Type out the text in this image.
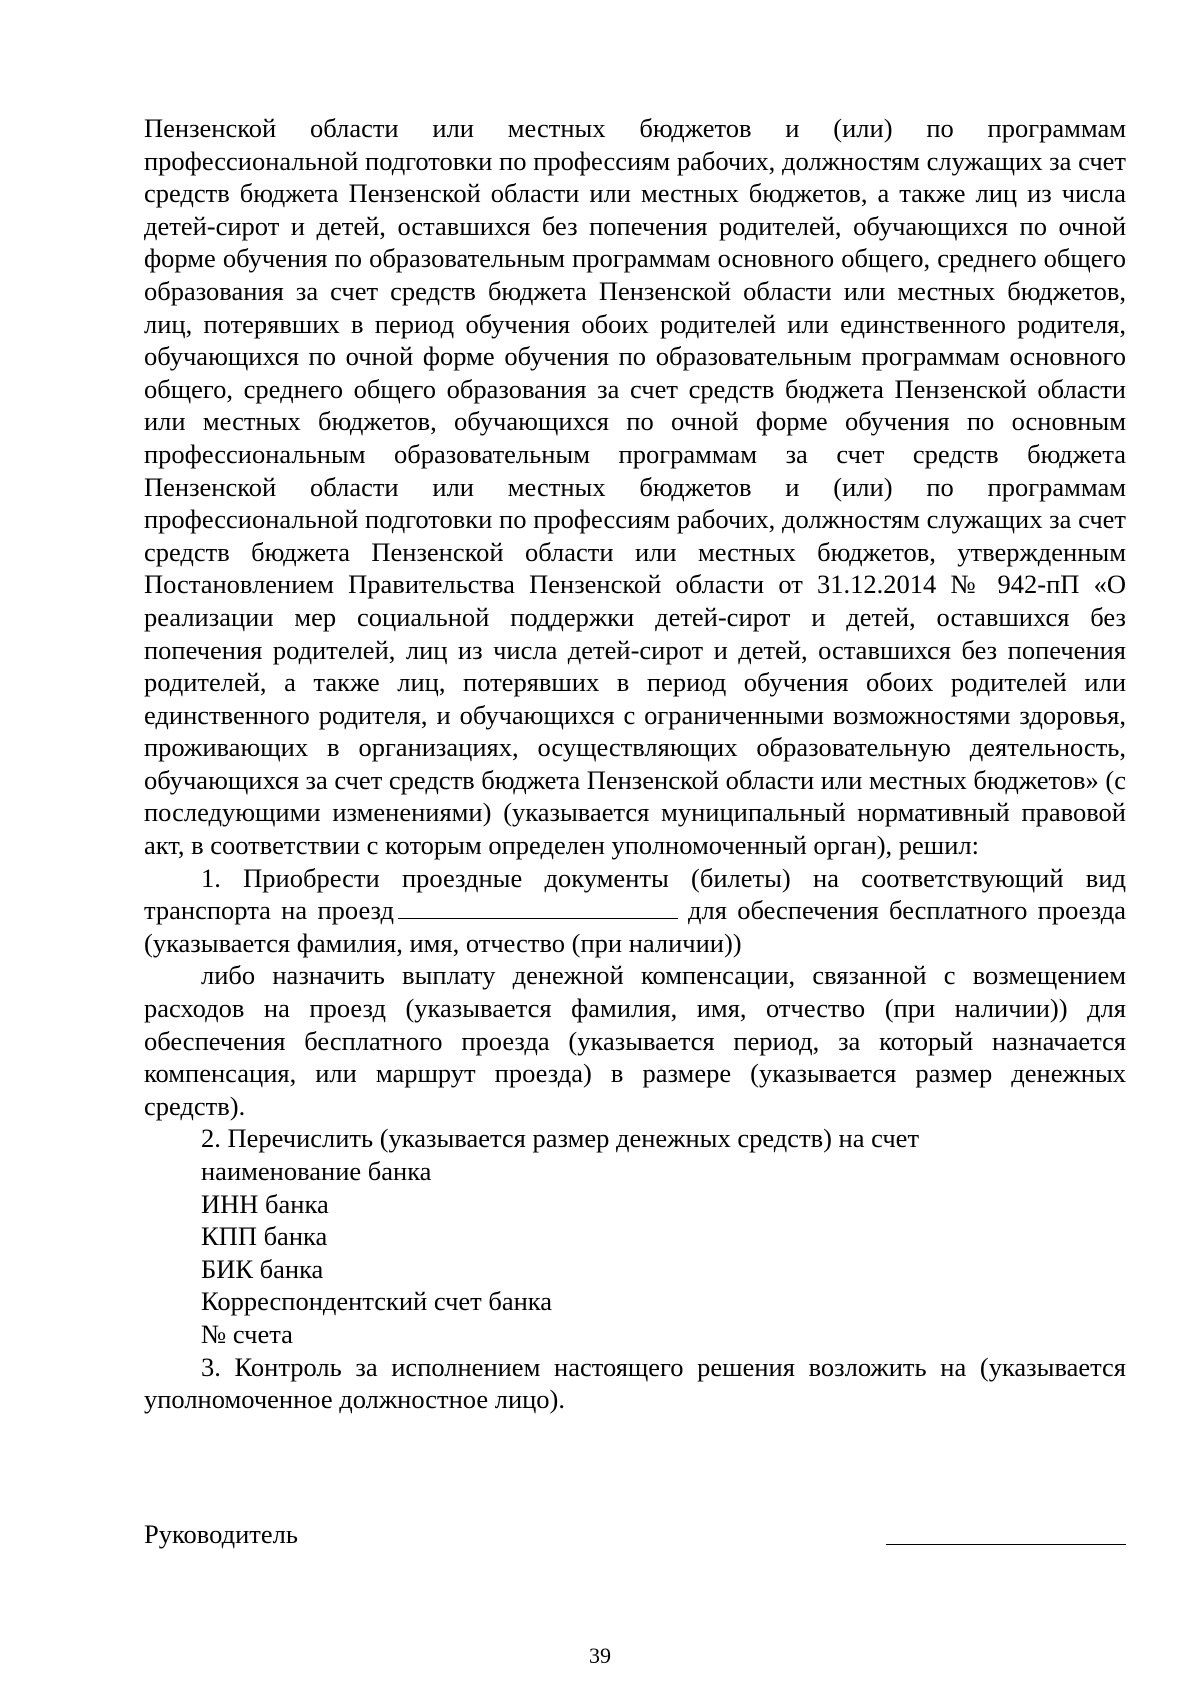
Пензенской области или местных бюджетов и (или) по программам профессиональной подготовки по профессиям рабочих, должностям служащих за счет средств бюджета Пензенской области или местных бюджетов, а также лиц из числа детей-сирот и детей, оставшихся без попечения родителей, обучающихся по очной форме обучения по образовательным программам основного общего, среднего общего образования за счет средств бюджета Пензенской области или местных бюджетов, лиц, потерявших в период обучения обоих родителей или единственного родителя, обучающихся по очной форме обучения по образовательным программам основного общего, среднего общего образования за счет средств бюджета Пензенской области или местных бюджетов, обучающихся по очной форме обучения по основным профессиональным образовательным программам за счет средств бюджета Пензенской области или местных бюджетов и (или) по программам профессиональной подготовки по профессиям рабочих, должностям служащих за счет средств бюджета Пензенской области или местных бюджетов, утвержденным Постановлением Правительства Пензенской области от 31.12.2014 № 942-пП «О реализации мер социальной поддержки детей-сирот и детей, оставшихся без попечения родителей, лиц из числа детей-сирот и детей, оставшихся без попечения родителей, а также лиц, потерявших в период обучения обоих родителей или единственного родителя, и обучающихся с ограниченными возможностями здоровья, проживающих в организациях, осуществляющих образовательную деятельность, обучающихся за счет средств бюджета Пензенской области или местных бюджетов» (с последующими изменениями) (указывается муниципальный нормативный правовой акт, в соответствии с которым определен уполномоченный орган), решил:

1. Приобрести проездные документы (билеты) на соответствующий вид транспорта на проезд	для обеспечения бесплатного проезда (указывается фамилия, имя, отчество (при наличии))

либо назначить выплату денежной компенсации, связанной с возмещением расходов на проезд (указывается фамилия, имя, отчество (при наличии)) для обеспечения бесплатного проезда (указывается период, за который назначается компенсация, или маршрут проезда) в размере (указывается размер денежных средств).

2. Перечислить (указывается размер денежных средств) на счет

наименование банка

ИНН банка

КПП банка

БИК банка

Корреспондентский счет банка

№ счета

3. Контроль за исполнением настоящего решения возложить на (указывается уполномоченное должностное лицо).

Руководитель
39
